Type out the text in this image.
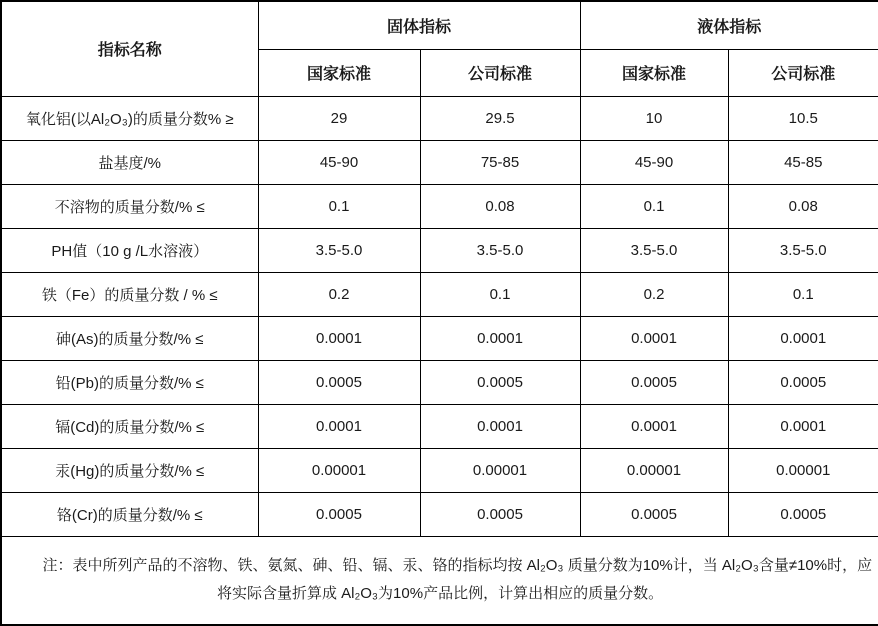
指标名称	固体指标		液体指标	
	国家标准	公司标准	国家标准	公司标准
氧化铝(以Al₂O₃)的质量分数% ≥	29	29.5	10	10.5
盐基度/%	45-90	75-85	45-90	45-85
不溶物的质量分数/% ≤	0.1	0.08	0.1	0.08
PH值（10 g /L水溶液）	3.5-5.0	3.5-5.0	3.5-5.0	3.5-5.0
铁（Fe）的质量分数 / % ≤	0.2	0.1	0.2	0.1
砷(As)的质量分数/% ≤	0.0001	0.0001	0.0001	0.0001
铅(Pb)的质量分数/% ≤	0.0005	0.0005	0.0005	0.0005
镉(Cd)的质量分数/% ≤	0.0001	0.0001	0.0001	0.0001
汞(Hg)的质量分数/% ≤	0.00001	0.00001	0.00001	0.00001
铬(Cr)的质量分数/% ≤	0.0005	0.0005	0.0005	0.0005

注：表中所列产品的不溶物、铁、氨氮、砷、铅、镉、汞、铬的指标均按 Al₂O₃ 质量分数为10%计，当 Al₂O₃含量≠10%时，应将实际含量折算成 Al₂O₃为10%产品比例，计算出相应的质量分数。				
